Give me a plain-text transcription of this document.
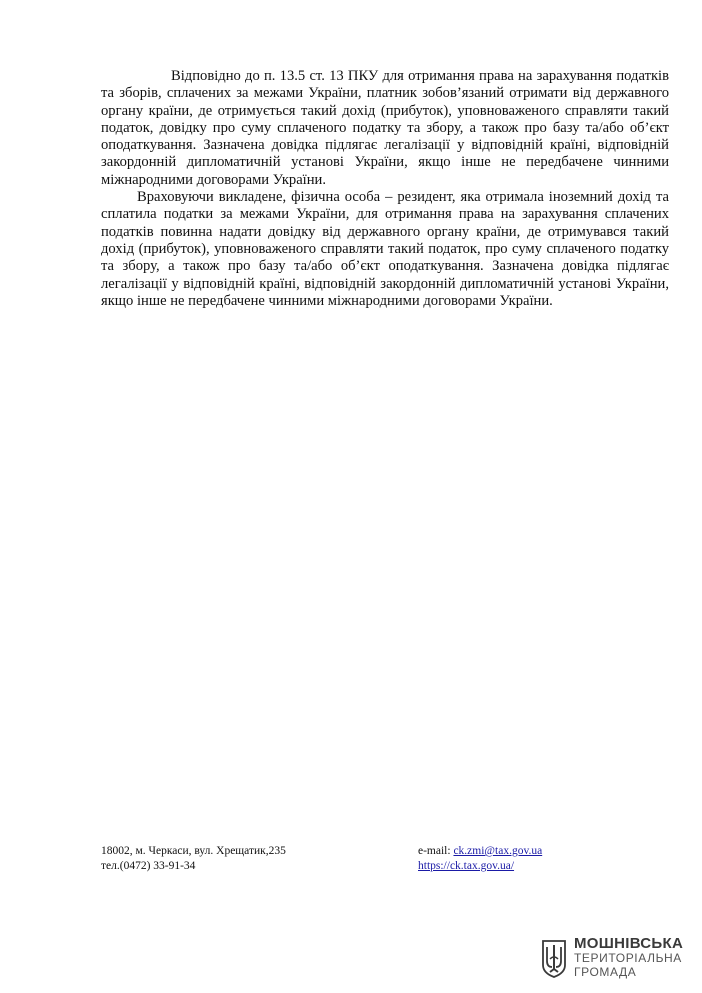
Відповідно до п. 13.5 ст. 13 ПКУ для отримання права на зарахування податків та зборів, сплачених за межами України, платник зобов’язаний отримати від державного органу країни, де отримується такий дохід (прибуток), уповноваженого справляти такий податок, довідку про суму сплаченого податку та збору, а також про базу та/або об’єкт оподаткування. Зазначена довідка підлягає легалізації у відповідній країні, відповідній закордонній дипломатичній установі України, якщо інше не передбачене чинними міжнародними договорами України.

Враховуючи викладене, фізична особа – резидент, яка отримала іноземний дохід та сплатила податки за межами України, для отримання права на зарахування сплачених податків повинна надати довідку від державного органу країни, де отримувався такий дохід (прибуток), уповноваженого справляти такий податок, про суму сплаченого податку та збору, а також про базу та/або об’єкт оподаткування. Зазначена довідка підлягає легалізації у відповідній країні, відповідній закордонній дипломатичній установі України, якщо інше не передбачене чинними міжнародними договорами України.

18002, м. Черкаси, вул. Хрещатик,235
тел.(0472) 33-91-34
e-mail: ck.zmi@tax.gov.ua
https://ck.tax.gov.ua/
МОШНІВСЬКА
ТЕРИТОРІАЛЬНА
ГРОМАДА
